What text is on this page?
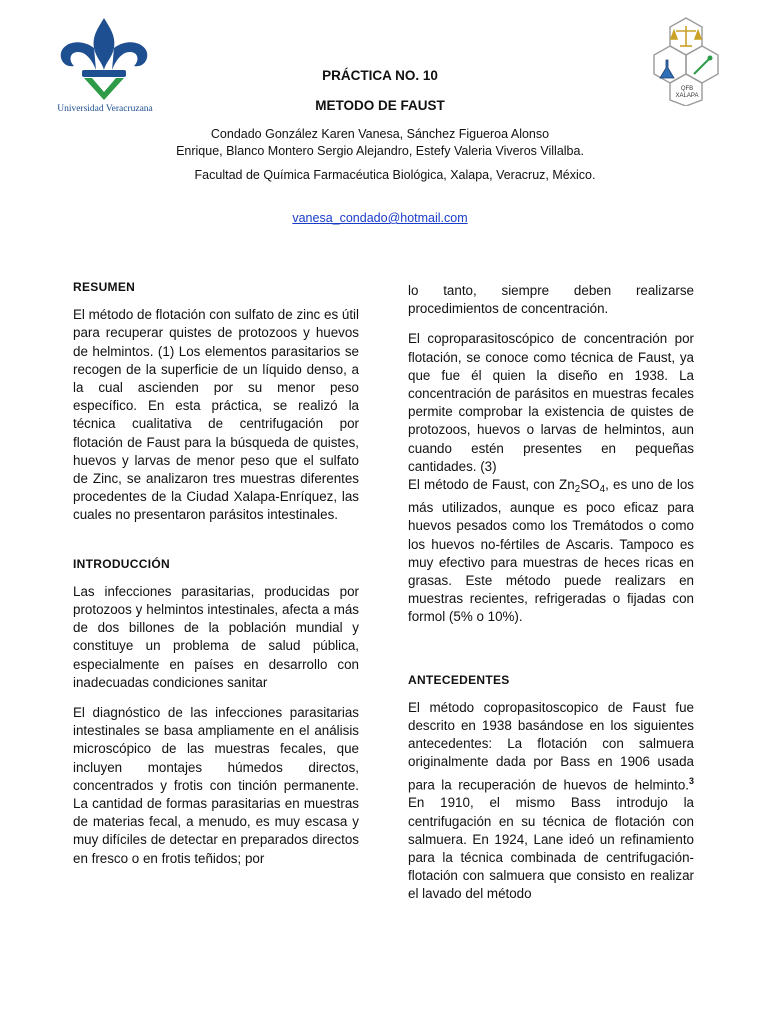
Universidad Veracruzana
QFB XALAPA
PRÁCTICA NO. 10
METODO DE FAUST
Condado González Karen Vanesa, Sánchez Figueroa Alonso
Enrique, Blanco Montero Sergio Alejandro, Estefy Valeria Viveros Villalba.
Facultad de Química Farmacéutica Biológica, Xalapa, Veracruz, México.
vanesa_condado@hotmail.com
RESUMEN

El método de flotación con sulfato de zinc es útil para recuperar quistes de protozoos y huevos de helmintos. (1) Los elementos parasitarios se recogen de la superficie de un líquido denso, a la cual ascienden por su menor peso específico. En esta práctica, se realizó la técnica cualitativa de centrifugación por flotación de Faust para la búsqueda de quistes, huevos y larvas de menor peso que el sulfato de Zinc, se analizaron tres muestras diferentes procedentes de la Ciudad Xalapa-Enríquez, las cuales no presentaron parásitos intestinales.

INTRODUCCIÓN

Las infecciones parasitarias, producidas por protozoos y helmintos intestinales, afecta a más de dos billones de la población mundial y constituye un problema de salud pública, especialmente en países en desarrollo con inadecuadas condiciones sanitar

El diagnóstico de las infecciones parasitarias intestinales se basa ampliamente en el análisis microscópico de las muestras fecales, que incluyen montajes húmedos directos, concentrados y frotis con tinción permanente. La cantidad de formas parasitarias en muestras de materias fecal, a menudo, es muy escasa y muy difíciles de detectar en preparados directos en fresco o en frotis teñidos; por

lo tanto, siempre deben realizarse procedimientos de concentración.

El coproparasitoscópico de concentración por flotación, se conoce como técnica de Faust, ya que fue él quien la diseño en 1938. La concentración de parásitos en muestras fecales permite comprobar la existencia de quistes de protozoos, huevos o larvas de helmintos, aun cuando estén presentes en pequeñas cantidades. (3)

El método de Faust, con $Zn_2SO_4$, es uno de los más utilizados, aunque es poco eficaz para huevos pesados como los Tremátodos o como los huevos no-fértiles de Ascaris. Tampoco es muy efectivo para muestras de heces ricas en grasas. Este método puede realizars en muestras recientes, refrigeradas o fijadas con formol (5% o 10%).

ANTECEDENTES

El método copropasitoscopico de Faust fue descrito en 1938 basándose en los siguientes antecedentes: La flotación con salmuera originalmente dada por Bass en 1906 usada para la recuperación de huevos de helminto.$^3$ En 1910, el mismo Bass introdujo la centrifugación en su técnica de flotación con salmuera. En 1924, Lane ideó un refinamiento para la técnica combinada de centrifugación-flotación con salmuera que consisto en realizar el lavado del método
